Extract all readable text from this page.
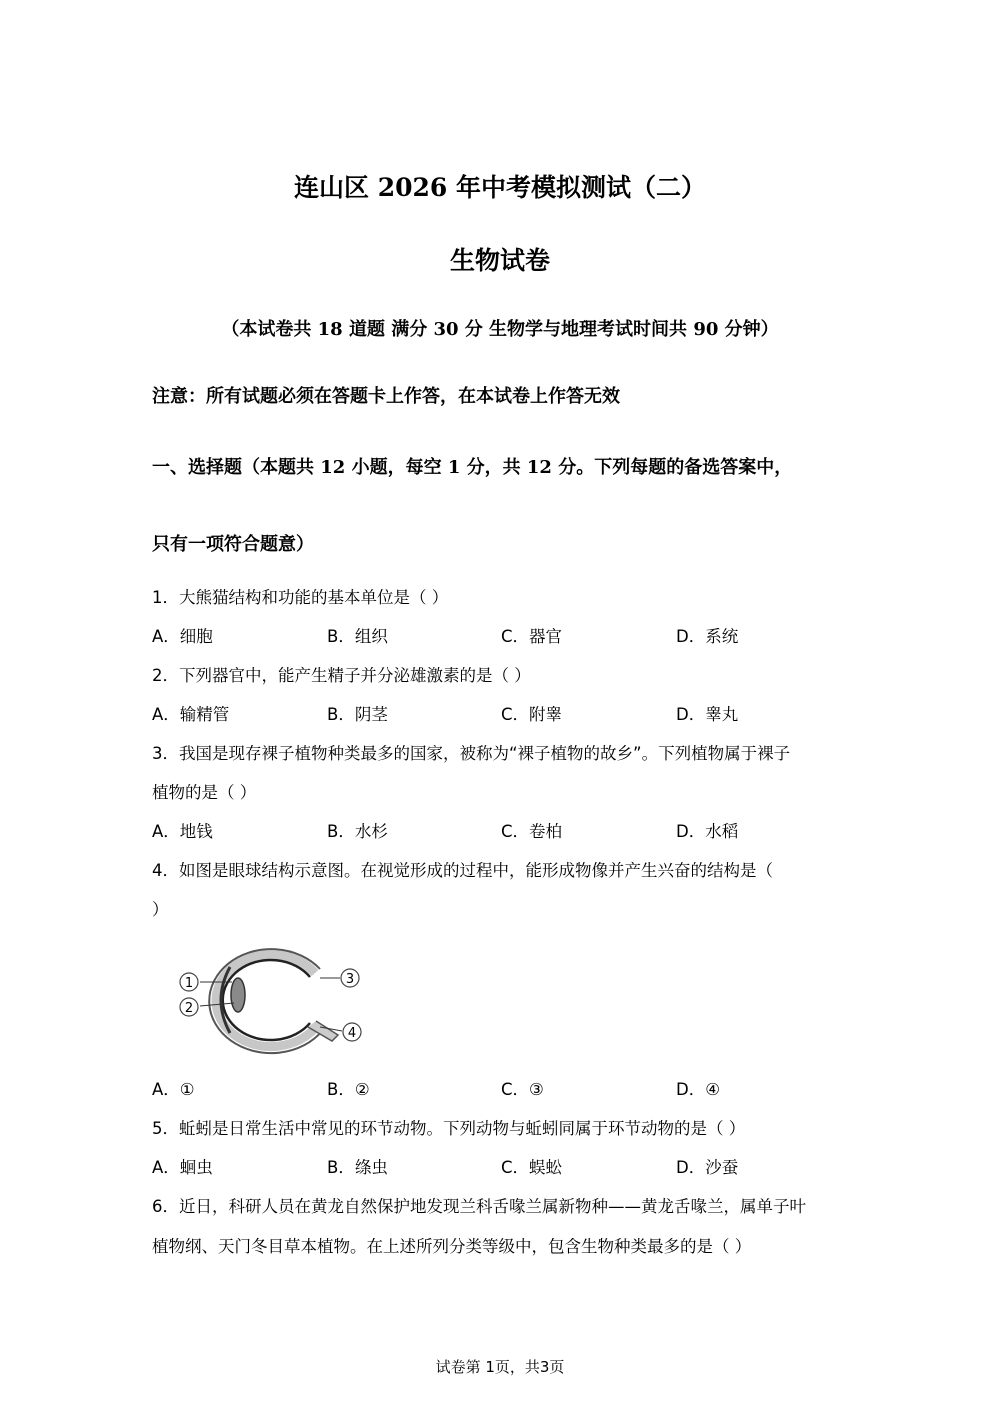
连山区 2026 年中考模拟测试（二）
生物试卷
（本试卷共 18 道题 满分 30 分 生物学与地理考试时间共 90 分钟）
注意：所有试题必须在答题卡上作答，在本试卷上作答无效
一、选择题（本题共 12 小题，每空 1 分，共 12 分。下列每题的备选答案中，
只有一项符合题意）
1．大熊猫结构和功能的基本单位是（ ）
A．细胞	B．组织	C．器官	D．系统
2．下列器官中，能产生精子并分泌雄激素的是（ ）
A．输精管	B．阴茎	C．附睾	D．睾丸
3．我国是现存裸子植物种类最多的国家，被称为“裸子植物的故乡”。下列植物属于裸子
植物的是（ ）
A．地钱	B．水杉	C．卷柏	D．水稻
4．如图是眼球结构示意图。在视觉形成的过程中，能形成物像并产生兴奋的结构是（
）
1
2
3
4
A．①	B．②	C．③	D．④
5．蚯蚓是日常生活中常见的环节动物。下列动物与蚯蚓同属于环节动物的是（ ）
A．蛔虫	B．绦虫	C．蜈蚣	D．沙蚕
6．近日，科研人员在黄龙自然保护地发现兰科舌喙兰属新物种——黄龙舌喙兰，属单子叶
植物纲、天门冬目草本植物。在上述所列分类等级中，包含生物种类最多的是（ ）
试卷第 1页，共3页
